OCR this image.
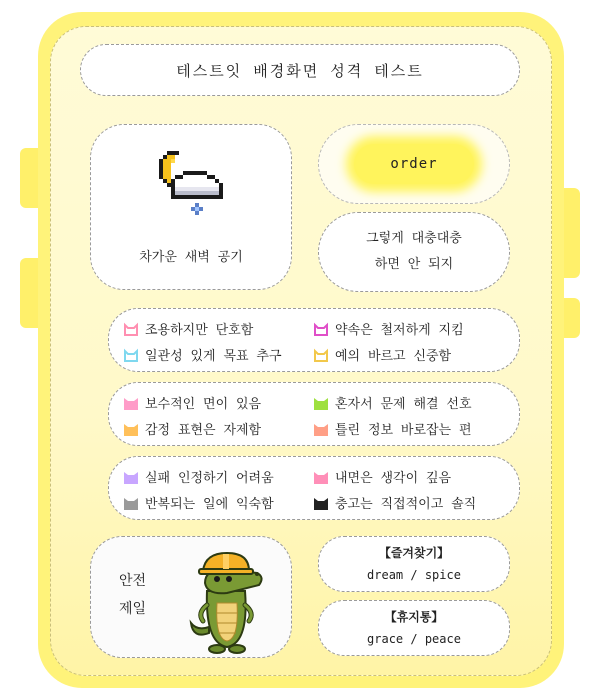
테스트잇 배경화면 성격 테스트
차가운 새벽 공기
order
그렇게 대충대충
하면 안 되지
조용하지만 단호함	약속은 철저하게 지킴
일관성 있게 목표 추구	예의 바르고 신중함
보수적인 면이 있음	혼자서 문제 해결 선호
감정 표현은 자제함	틀린 정보 바로잡는 편
실패 인정하기 어려움	내면은 생각이 깊음
반복되는 일에 익숙함	충고는 직접적이고 솔직
안전
제일
【즐겨찾기】
dream / spice
【휴지통】
grace / peace
